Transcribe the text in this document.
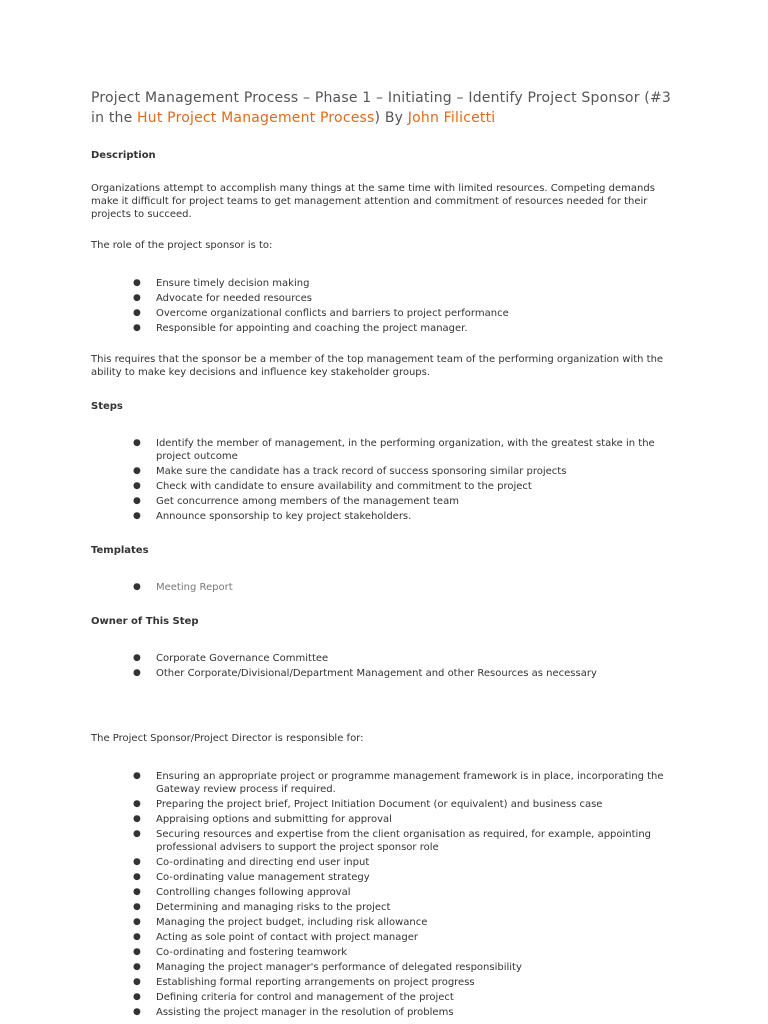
Project Management Process – Phase 1 – Initiating – Identify Project Sponsor (#3 in the Hut Project Management Process) By John Filicetti
Description

Organizations attempt to accomplish many things at the same time with limited resources. Competing demands make it difficult for project teams to get management attention and commitment of resources needed for their projects to succeed.

The role of the project sponsor is to:

● Ensure timely decision making
● Advocate for needed resources
● Overcome organizational conflicts and barriers to project performance
● Responsible for appointing and coaching the project manager.

This requires that the sponsor be a member of the top management team of the performing organization with the ability to make key decisions and influence key stakeholder groups.

Steps
● Identify the member of management, in the performing organization, with the greatest stake in the project outcome
● Make sure the candidate has a track record of success sponsoring similar projects
● Check with candidate to ensure availability and commitment to the project
● Get concurrence among members of the management team
● Announce sponsorship to key project stakeholders.
Templates
● Meeting Report
Owner of This Step
● Corporate Governance Committee
● Other Corporate/Divisional/Department Management and other Resources as necessary

The Project Sponsor/Project Director is responsible for:

● Ensuring an appropriate project or programme management framework is in place, incorporating the Gateway review process if required.
● Preparing the project brief, Project Initiation Document (or equivalent) and business case
● Appraising options and submitting for approval
● Securing resources and expertise from the client organisation as required, for example, appointing professional advisers to support the project sponsor role
● Co-ordinating and directing end user input
● Co-ordinating value management strategy
● Controlling changes following approval
● Determining and managing risks to the project
● Managing the project budget, including risk allowance
● Acting as sole point of contact with project manager
● Co-ordinating and fostering teamwork
● Managing the project manager's performance of delegated responsibility
● Establishing formal reporting arrangements on project progress
● Defining criteria for control and management of the project
● Assisting the project manager in the resolution of problems
